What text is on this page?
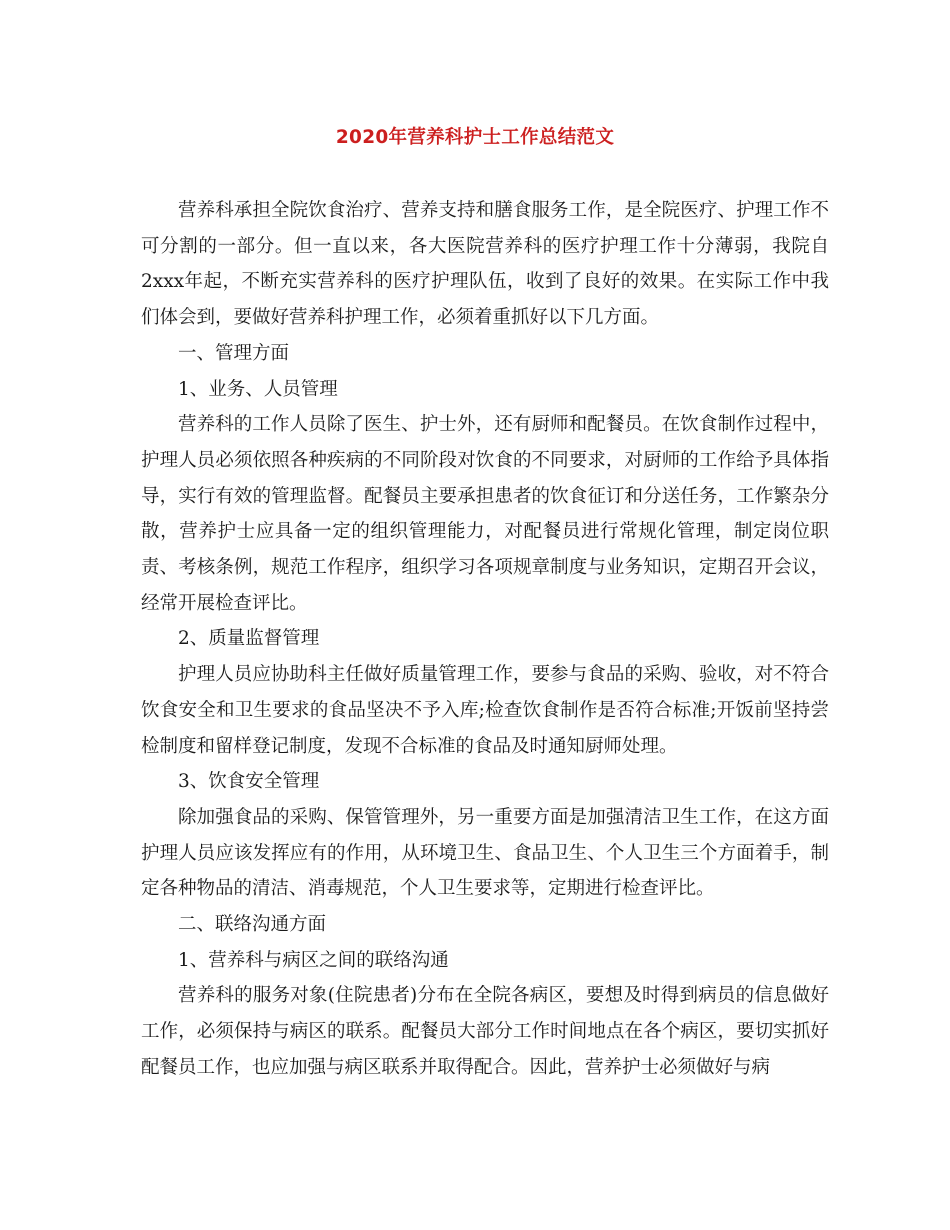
2020年营养科护士工作总结范文

营养科承担全院饮食治疗、营养支持和膳食服务工作，是全院医疗、护理工作不可分割的一部分。但一直以来，各大医院营养科的医疗护理工作十分薄弱，我院自2xxx年起，不断充实营养科的医疗护理队伍，收到了良好的效果。在实际工作中我们体会到，要做好营养科护理工作，必须着重抓好以下几方面。

一、管理方面

1、业务、人员管理

营养科的工作人员除了医生、护士外，还有厨师和配餐员。在饮食制作过程中，护理人员必须依照各种疾病的不同阶段对饮食的不同要求，对厨师的工作给予具体指导，实行有效的管理监督。配餐员主要承担患者的饮食征订和分送任务，工作繁杂分散，营养护士应具备一定的组织管理能力，对配餐员进行常规化管理，制定岗位职责、考核条例，规范工作程序，组织学习各项规章制度与业务知识，定期召开会议，经常开展检查评比。

2、质量监督管理

护理人员应协助科主任做好质量管理工作，要参与食品的采购、验收，对不符合饮食安全和卫生要求的食品坚决不予入库;检查饮食制作是否符合标准;开饭前坚持尝检制度和留样登记制度，发现不合标准的食品及时通知厨师处理。

3、饮食安全管理

除加强食品的采购、保管管理外，另一重要方面是加强清洁卫生工作，在这方面护理人员应该发挥应有的作用，从环境卫生、食品卫生、个人卫生三个方面着手，制定各种物品的清洁、消毒规范，个人卫生要求等，定期进行检查评比。

二、联络沟通方面

1、营养科与病区之间的联络沟通

营养科的服务对象(住院患者)分布在全院各病区，要想及时得到病员的信息做好工作，必须保持与病区的联系。配餐员大部分工作时间地点在各个病区，要切实抓好配餐员工作，也应加强与病区联系并取得配合。因此，营养护士必须做好与病
